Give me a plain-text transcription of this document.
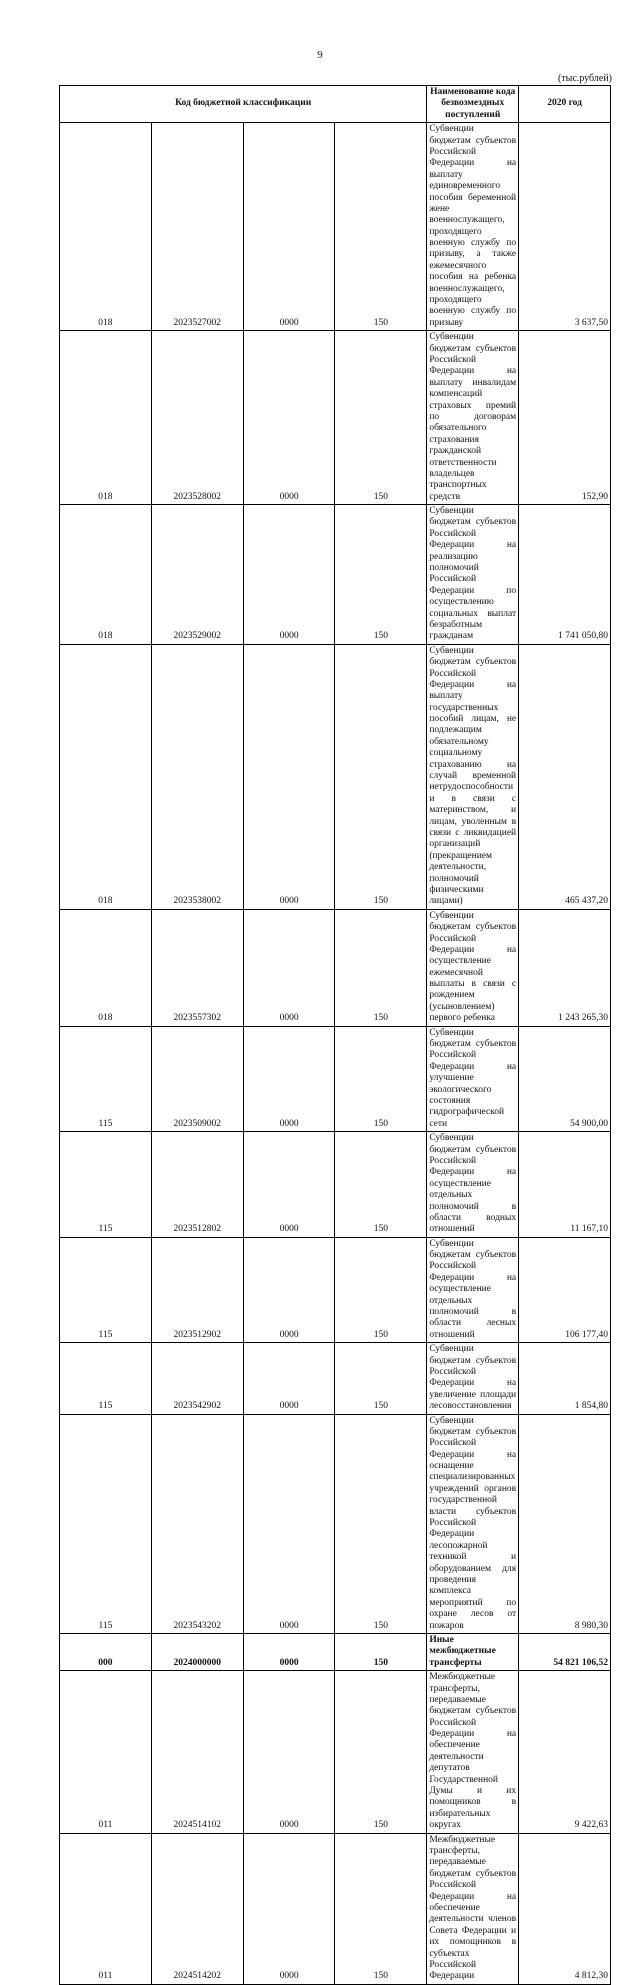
9
(тыс.рублей)
Код бюджетной классификации				Наименование кода безвозмездных поступлений	2020 год
018	2023527002	0000	150	Субвенции бюджетам субъектов Российской Федерации на выплату единовременного пособия беременной жене военнослужащего, проходящего военную службу по призыву, а также ежемесячного пособия на ребенка военнослужащего, проходящего военную службу по призыву	3 637,50
018	2023528002	0000	150	Субвенции бюджетам субъектов Российской Федерации на выплату инвалидам компенсаций страховых премий по договорам обязательного страхования гражданской ответственности владельцев транспортных средств	152,90
018	2023529002	0000	150	Субвенции бюджетам субъектов Российской Федерации на реализацию полномочий Российской Федерации по осуществлению социальных выплат безработным гражданам	1 741 050,80
018	2023538002	0000	150	Субвенции бюджетам субъектов Российской Федерации на выплату государственных пособий лицам, не подлежащим обязательному социальному страхованию на случай временной нетрудоспособности и в связи с материнством, и лицам, уволенным в связи с ликвидацией организаций (прекращением деятельности, полномочий физическими лицами)	465 437,20
018	2023557302	0000	150	Субвенции бюджетам субъектов Российской Федерации на осуществление ежемесячной выплаты в связи с рождением (усыновлением) первого ребенка	1 243 265,30
115	2023509002	0000	150	Субвенции бюджетам субъектов Российской Федерации на улучшение экологического состояния гидрографической сети	54 900,00
115	2023512802	0000	150	Субвенции бюджетам субъектов Российской Федерации на осуществление отдельных полномочий в области водных отношений	11 167,10
115	2023512902	0000	150	Субвенции бюджетам субъектов Российской Федерации на осуществление отдельных полномочий в области лесных отношений	106 177,40
115	2023542902	0000	150	Субвенции бюджетам субъектов Российской Федерации на увеличение площади лесовосстановления	1 854,80
115	2023543202	0000	150	Субвенции бюджетам субъектов Российской Федерации на оснащение специализированных учреждений органов государственной власти субъектов Российской Федерации лесопожарной техникой и оборудованием для проведения комплекса мероприятий по охране лесов от пожаров	8 980,30
000	2024000000	0000	150	Иные межбюджетные трансферты	54 821 106,52
011	2024514102	0000	150	Межбюджетные трансферты, передаваемые бюджетам субъектов Российской Федерации на обеспечение деятельности депутатов Государственной Думы и их помощников в избирательных округах	9 422,63
011	2024514202	0000	150	Межбюджетные трансферты, передаваемые бюджетам субъектов Российской Федерации на обеспечение деятельности членов Совета Федерации и их помощников в субъектах Российской Федерации	4 812,30
